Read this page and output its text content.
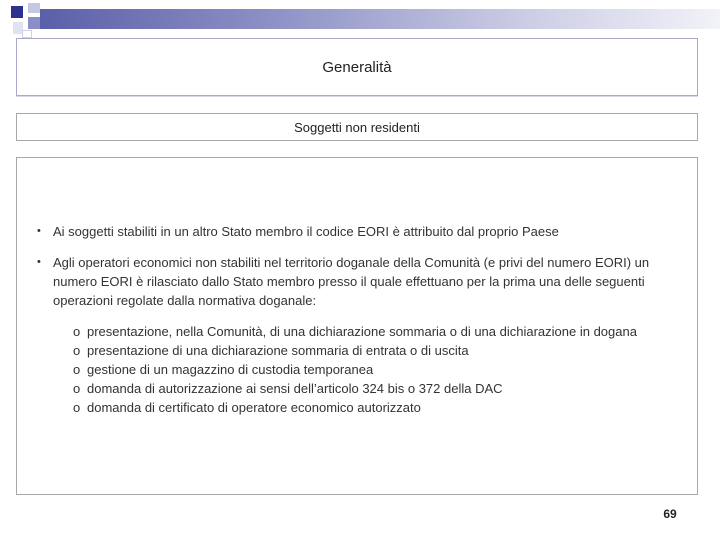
Generalità
Soggetti non residenti
• Ai soggetti stabiliti in un altro Stato membro il codice EORI è attribuito dal proprio Paese
• Agli operatori economici non stabiliti nel territorio doganale della Comunità (e privi del numero EORI) un numero EORI è rilasciato dallo Stato membro presso il quale effettuano per la prima una delle seguenti operazioni regolate dalla normativa doganale:
o presentazione, nella Comunità, di una dichiarazione sommaria o di una dichiarazione in dogana
o presentazione di una dichiarazione sommaria di entrata o di uscita
o gestione di un magazzino di custodia temporanea
o domanda di autorizzazione ai sensi dell’articolo 324 bis o 372 della DAC
o domanda di certificato di operatore economico autorizzato
69
